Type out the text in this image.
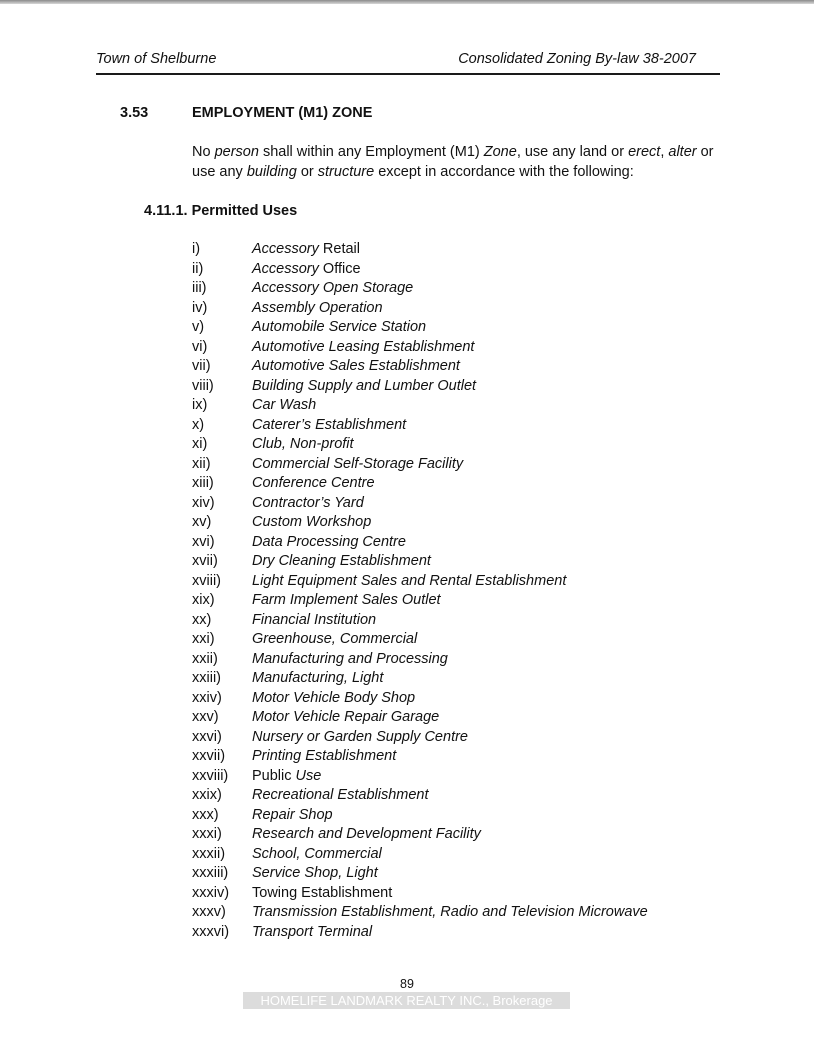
Town of Shelburne	Consolidated Zoning By-law 38-2007
3.53	EMPLOYMENT (M1) ZONE
No person shall within any Employment (M1) Zone, use any land or erect, alter or use any building or structure except in accordance with the following:
4.11.1. Permitted Uses
i)	Accessory Retail
ii)	Accessory Office
iii)	Accessory Open Storage
iv)	Assembly Operation
v)	Automobile Service Station
vi)	Automotive Leasing Establishment
vii)	Automotive Sales Establishment
viii)	Building Supply and Lumber Outlet
ix)	Car Wash
x)	Caterer’s Establishment
xi)	Club, Non-profit
xii)	Commercial Self-Storage Facility
xiii)	Conference Centre
xiv)	Contractor’s Yard
xv)	Custom Workshop
xvi)	Data Processing Centre
xvii) Dry Cleaning Establishment
xviii) Light Equipment Sales and Rental Establishment
xix)	Farm Implement Sales Outlet
xx)	Financial Institution
xxi)	Greenhouse, Commercial
xxii) Manufacturing and Processing
xxiii) Manufacturing, Light
xxiv) Motor Vehicle Body Shop
xxv) Motor Vehicle Repair Garage
xxvi) Nursery or Garden Supply Centre
xxvii) Printing Establishment
xxviii) Public Use
xxix) Recreational Establishment
xxx) Repair Shop
xxxi) Research and Development Facility
xxxii) School, Commercial
xxxiii) Service Shop, Light
xxxiv) Towing Establishment
xxxv) Transmission Establishment, Radio and Television Microwave
xxxvi) Transport Terminal
89
HOMELIFE LANDMARK REALTY INC., Brokerage
